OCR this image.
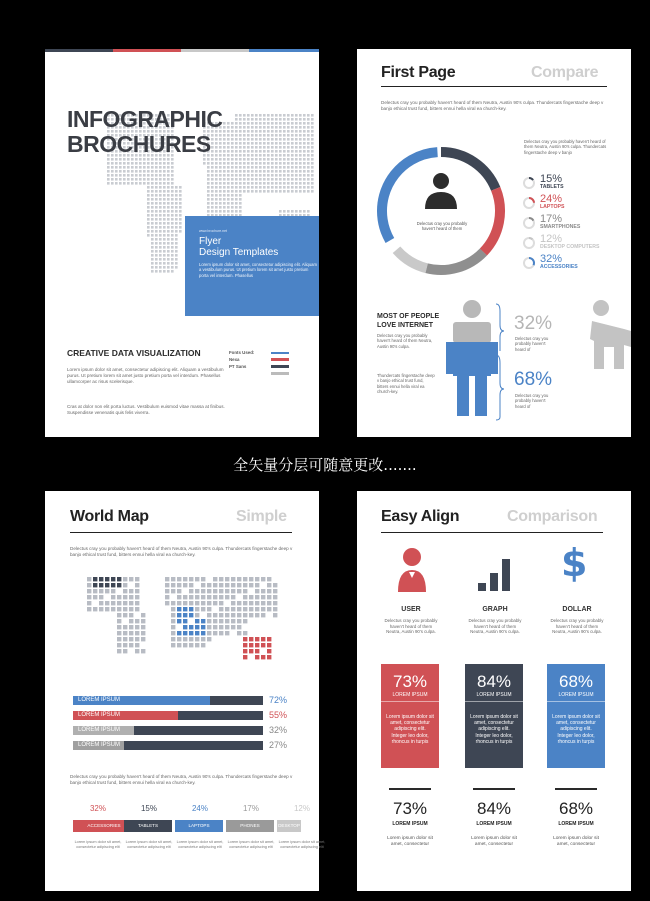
INFOGRAPHIC
BROCHURES
www.brochure.net
Flyer
Design Templates
Lorem ipsum dolor sit amet, consectetur adipiscing elit. Aliquam a vestibulum purus. Ut pretium lorem sit amet justo pretium porta vel interdum. Phasellus
CREATIVE DATA VISUALIZATION	Fonts Used:
Nexa
PT Sans
Lorem ipsum dolor sit amet, consectetur adipiscing elit. Aliquam a vestibulum purus. Ut pretium lorem sit amet justo pretium porta vel interdum. Phasellus ullamcorper ac risus scelerisque.
Cras at dolor non elit porta luctus. Vestibulum euismod vitae massa at finibus. Suspendisse venenatis quis felis viverra.
First Page	Compare
Delectus cray you probably haven't heard of them Neutra, Austin 90's culpa. Thundercats fingerstache deep v banjo ethical trust fund, bitters ennui hella viral ea church-key.
Delectus cray you probably haven't heard of them
Delectus cray you probably haven't heard of them Neutra, Austin 90's culpa. Thundercats fingerstache deep v banjo
15%
TABLETS
24%
LAPTOPS
17%
SMARTPHONES
12%
DESKTOP COMPUTERS
32%
ACCESSORIES
MOST OF PEOPLE LOVE INTERNET
Delectus cray you probably haven't heard of them Neutra, Austin 90's culpa.
Thundercats fingerstache deep v banjo ethical trust fund, bitters ennui hella viral ea church-key.
32%
Delectus cray you probably haven't heard of
68%
Delectus cray you probably haven't heard of
全矢量分层可随意更改.......
World Map	Simple
Delectus cray you probably haven't heard of them Neutra, Austin 90's culpa. Thundercats fingerstache deep v banjo ethical trust fund, bitters ennui hella viral ea church-key.
LOREM IPSUM	72%
LOREM IPSUM	55%
LOREM IPSUM	32%
LOREM IPSUM	27%
Delectus cray you probably haven't heard of them Neutra, Austin 90's culpa. Thundercats fingerstache deep v banjo ethical trust fund, bitters ennui hella viral ea church-key.
32%
ACCESSORIES
Lorem ipsum dolor sit amet, consectetur adipiscing elit
15%
TABLETS
Lorem ipsum dolor sit amet, consectetur adipiscing elit
24%
LAPTOPS
Lorem ipsum dolor sit amet, consectetur adipiscing elit
17%
PHONES
Lorem ipsum dolor sit amet, consectetur adipiscing elit
12%
DESKTOP
Lorem ipsum dolor sit amet, consectetur adipiscing elit
Easy Align	Comparison
$
USER
Delectus cray you probably haven't heard of them Neutra, Austin 90's culpa.
73%
LOREM IPSUM
Lorem ipsum dolor sit amet, consectetur adipiscing elit. Integer leo dolor, rhoncus in turpis
73%
LOREM IPSUM
Lorem ipsum dolor sit amet, consectetur
GRAPH
Delectus cray you probably haven't heard of them Neutra, Austin 90's culpa.
84%
LOREM IPSUM
Lorem ipsum dolor sit amet, consectetur adipiscing elit. Integer leo dolor, rhoncus in turpis
84%
LOREM IPSUM
Lorem ipsum dolor sit amet, consectetur
DOLLAR
Delectus cray you probably haven't heard of them Neutra, Austin 90's culpa.
68%
LOREM IPSUM
Lorem ipsum dolor sit amet, consectetur adipiscing elit. Integer leo dolor, rhoncus in turpis
68%
LOREM IPSUM
Lorem ipsum dolor sit amet, consectetur
